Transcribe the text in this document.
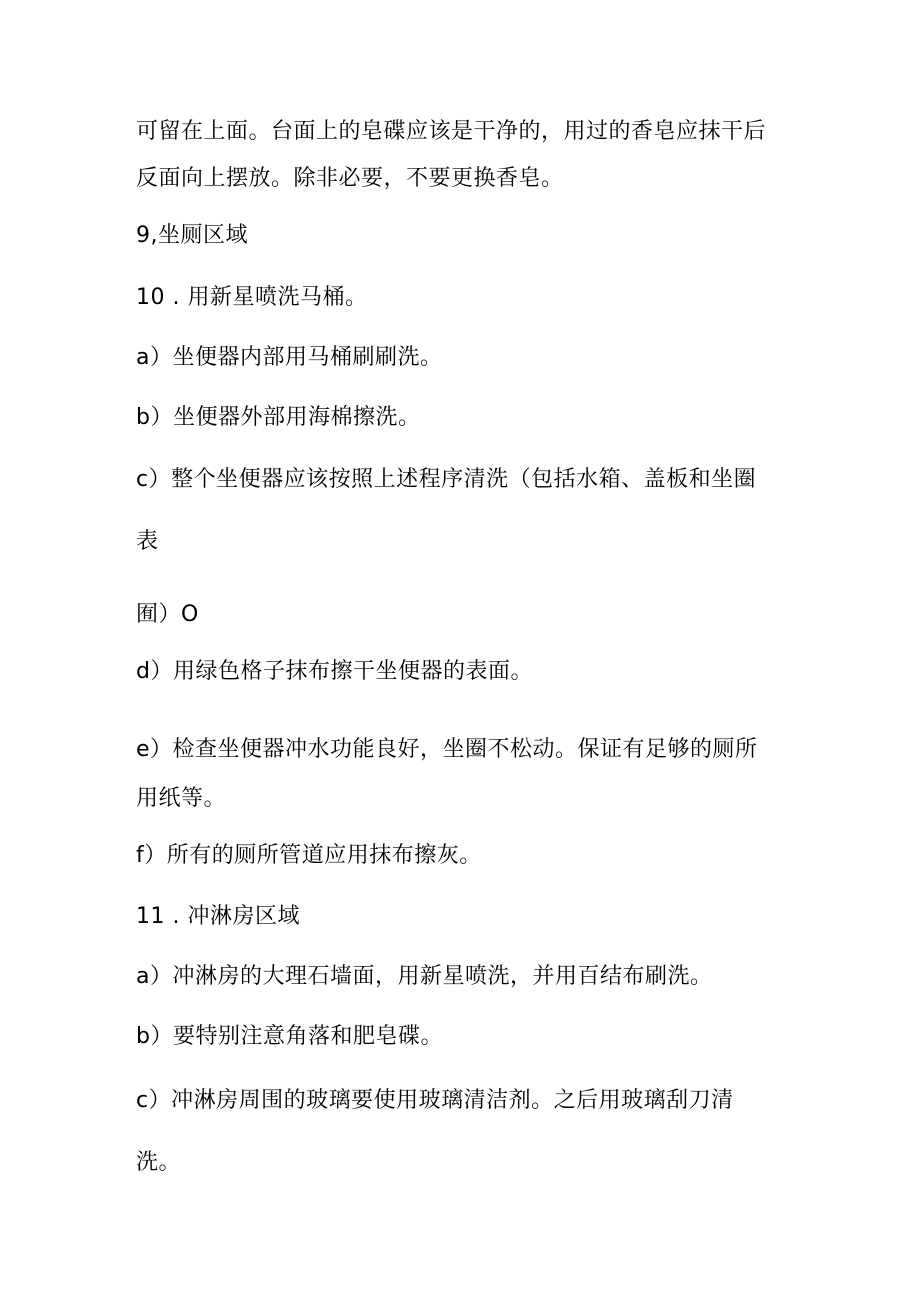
可留在上面。台面上的皂碟应该是干净的，用过的香皂应抹干后
反面向上摆放。除非必要，不要更换香皂。
9,坐厕区域
10 . 用新星喷洗马桶。
a）坐便器内部用马桶刷刷洗。
b）坐便器外部用海棉擦洗。
c）整个坐便器应该按照上述程序清洗（包括水箱、盖板和坐圈
表
囿）O
d）用绿色格子抹布擦干坐便器的表面。
e）检查坐便器冲水功能良好，坐圈不松动。保证有足够的厕所
用纸等。
f）所有的厕所管道应用抹布擦灰。
11 . 冲淋房区域
a）冲淋房的大理石墙面，用新星喷洗，并用百结布刷洗。
b）要特别注意角落和肥皂碟。
c）冲淋房周围的玻璃要使用玻璃清洁剂。之后用玻璃刮刀清
洗。
